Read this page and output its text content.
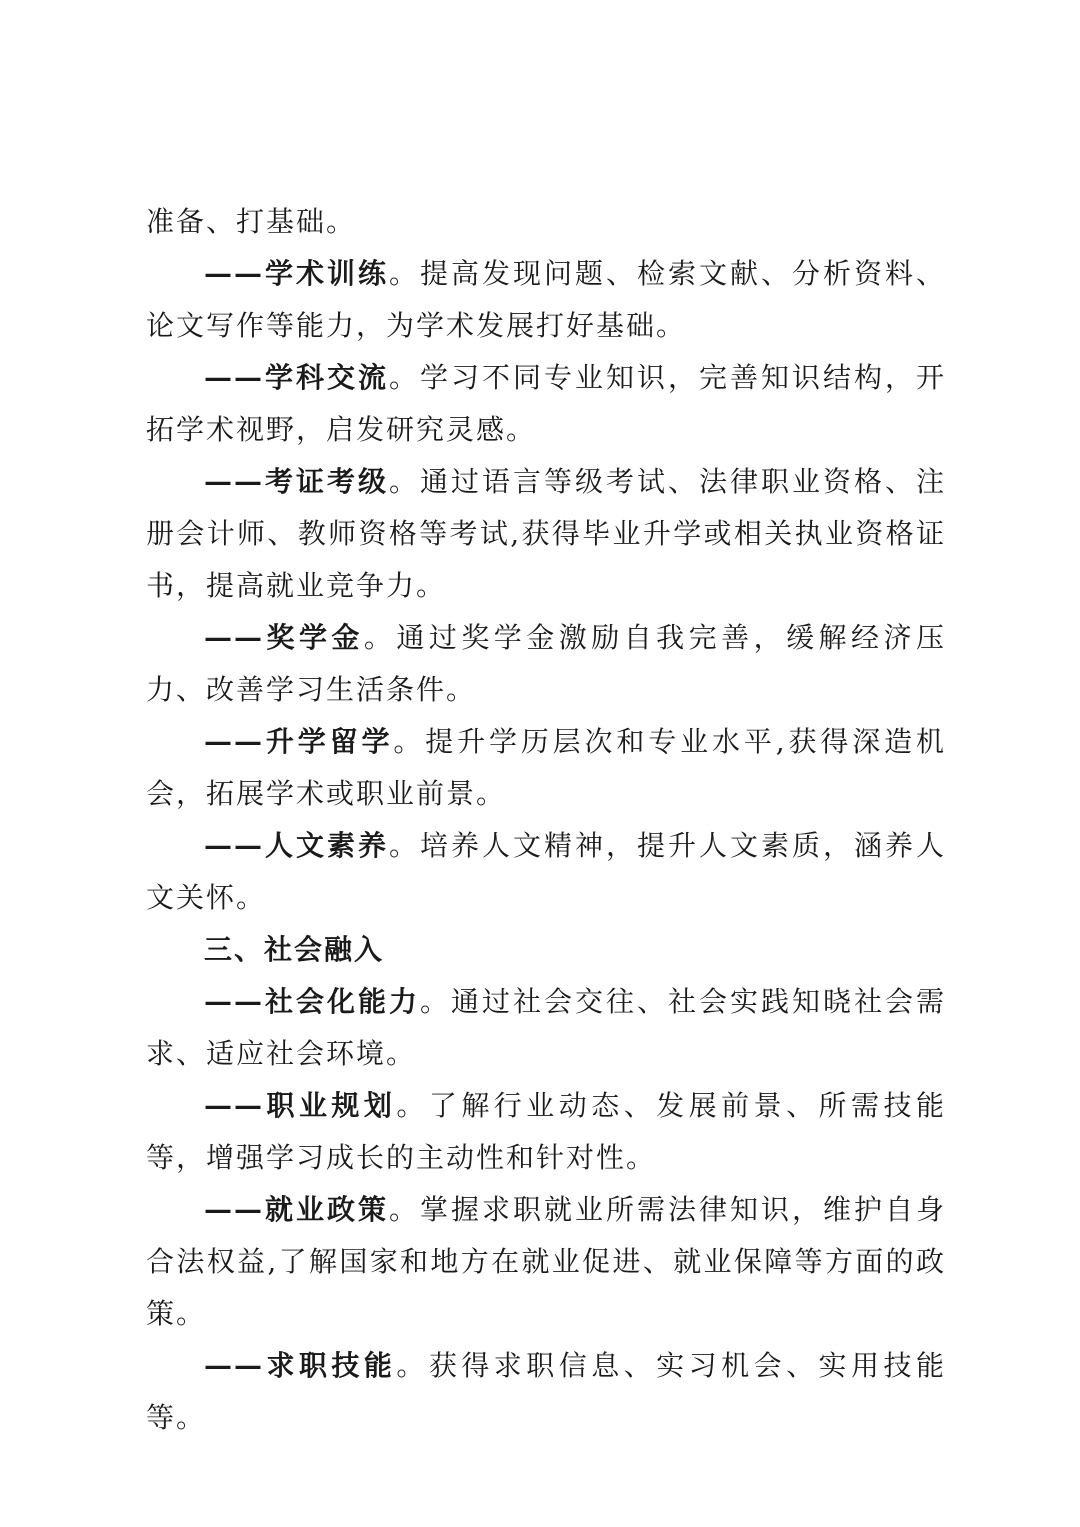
准备、打基础。

——学术训练。提高发现问题、检索文献、分析资料、论文写作等能力，为学术发展打好基础。

——学科交流。学习不同专业知识，完善知识结构，开拓学术视野，启发研究灵感。

——考证考级。通过语言等级考试、法律职业资格、注册会计师、教师资格等考试,获得毕业升学或相关执业资格证书，提高就业竞争力。

——奖学金。通过奖学金激励自我完善，缓解经济压力、改善学习生活条件。

——升学留学。提升学历层次和专业水平,获得深造机会，拓展学术或职业前景。

——人文素养。培养人文精神，提升人文素质，涵养人文关怀。

三、社会融入

——社会化能力。通过社会交往、社会实践知晓社会需求、适应社会环境。

——职业规划。了解行业动态、发展前景、所需技能等，增强学习成长的主动性和针对性。

——就业政策。掌握求职就业所需法律知识，维护自身合法权益,了解国家和地方在就业促进、就业保障等方面的政策。

——求职技能。获得求职信息、实习机会、实用技能等。
